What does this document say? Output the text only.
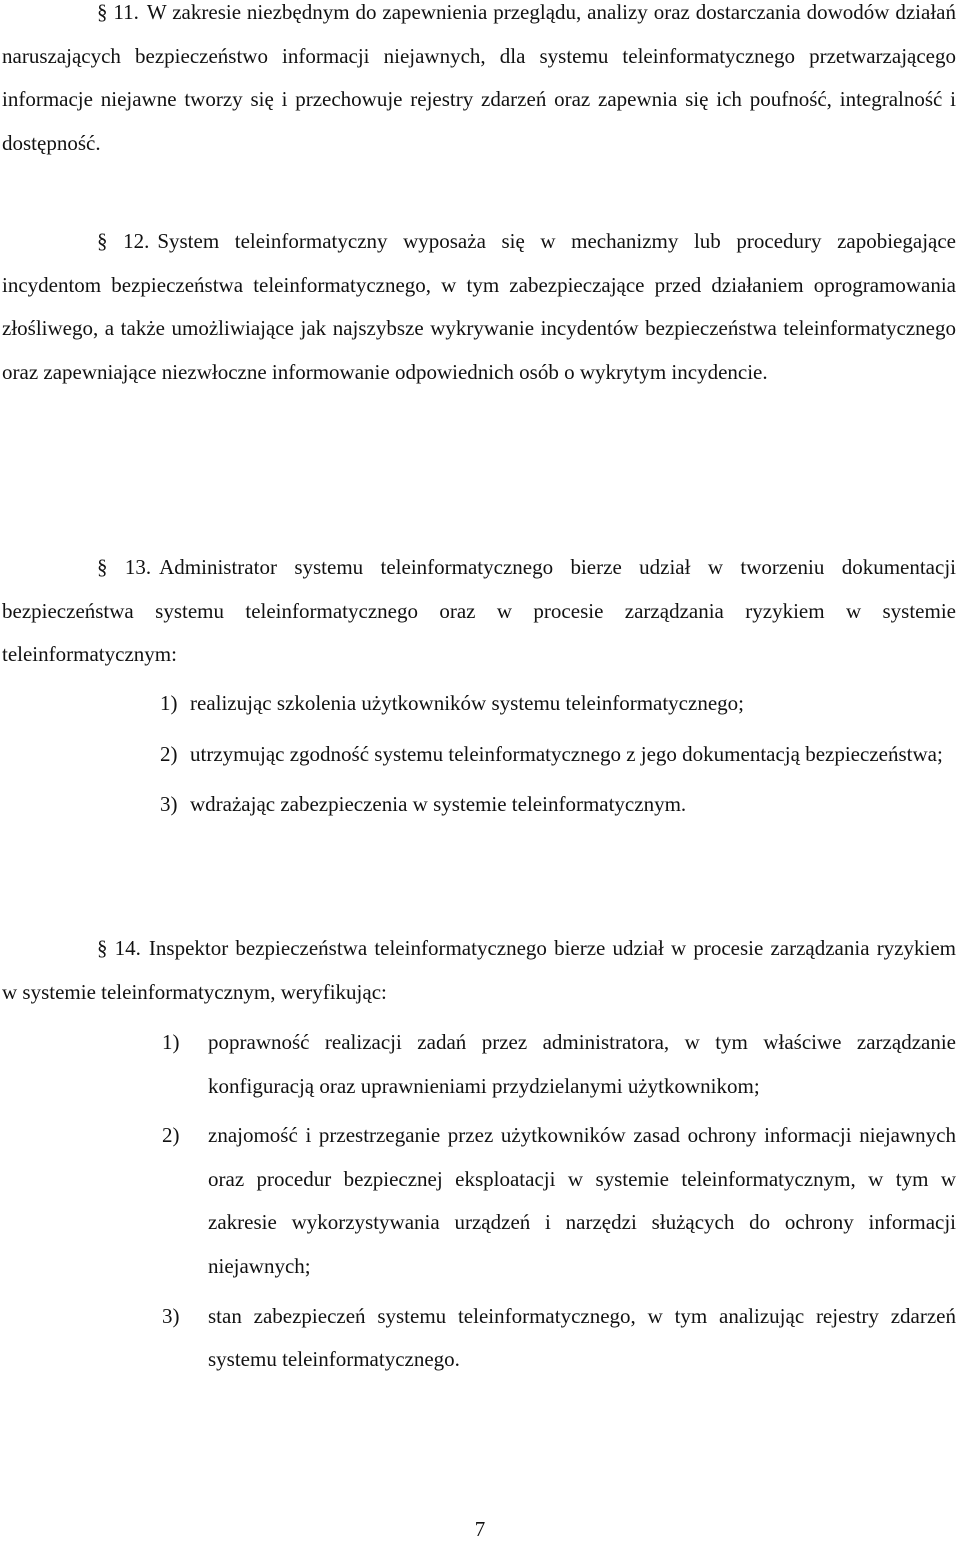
§ 11. W zakresie niezbędnym do zapewnienia przeglądu, analizy oraz dostarczania dowodów działań naruszających bezpieczeństwo informacji niejawnych, dla systemu teleinformatycznego przetwarzającego informacje niejawne tworzy się i przechowuje rejestry zdarzeń oraz zapewnia się ich poufność, integralność i dostępność.

§ 12. System teleinformatyczny wyposaża się w mechanizmy lub procedury zapobiegające incydentom bezpieczeństwa teleinformatycznego, w tym zabezpieczające przed działaniem oprogramowania złośliwego, a także umożliwiające jak najszybsze wykrywanie incydentów bezpieczeństwa teleinformatycznego oraz zapewniające niezwłoczne informowanie odpowiednich osób o wykrytym incydencie.

§ 13. Administrator systemu teleinformatycznego bierze udział w tworzeniu dokumentacji bezpieczeństwa systemu teleinformatycznego oraz w procesie zarządzania ryzykiem w systemie teleinformatycznym:

1) realizując szkolenia użytkowników systemu teleinformatycznego;
2) utrzymując zgodność systemu teleinformatycznego z jego dokumentacją bezpieczeństwa;
3) wdrażając zabezpieczenia w systemie teleinformatycznym.

§ 14. Inspektor bezpieczeństwa teleinformatycznego bierze udział w procesie zarządzania ryzykiem w systemie teleinformatycznym, weryfikując:

1)	poprawność realizacji zadań przez administratora, w tym właściwe zarządzanie konfiguracją oraz uprawnieniami przydzielanymi użytkownikom;
2)	znajomość i przestrzeganie przez użytkowników zasad ochrony informacji niejawnych oraz procedur bezpiecznej eksploatacji w systemie teleinformatycznym, w tym w zakresie wykorzystywania urządzeń i narzędzi służących do ochrony informacji niejawnych;
3)	stan zabezpieczeń systemu teleinformatycznego, w tym analizując rejestry zdarzeń systemu teleinformatycznego.
7
